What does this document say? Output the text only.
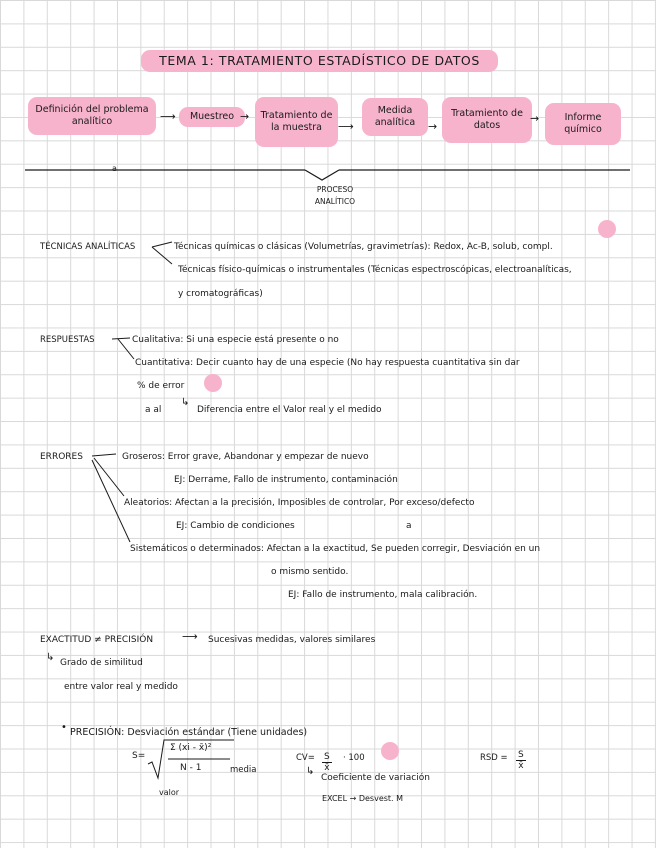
TEMA 1: TRATAMIENTO ESTADÍSTICO DE DATOS
Definición del problema analítico	⟶	Muestreo →	Tratamiento de la muestra	⟶
Medida analítica	→
Tratamiento de datos
→	Informe químico
a
PROCESO ANALÍTICO
TÉCNICAS ANALÍTICAS	Técnicas químicas o clásicas (Volumetrías, gravimetrías): Redox, Ac-B, solub, compl.
Técnicas físico-químicas o instrumentales (Técnicas espectroscópicas, electroanalíticas,
y cromatográficas)
RESPUESTAS	Cualitativa: Si una especie está presente o no
Cuantitativa: Decir cuanto hay de una especie (No hay respuesta cuantitativa sin dar
% de error
a al
↳
Diferencia entre el Valor real y el medido
ERRORES	Groseros: Error grave, Abandonar y empezar de nuevo
EJ: Derrame, Fallo de instrumento, contaminación
Aleatorios: Afectan a la precisión, Imposibles de controlar, Por exceso/defecto
EJ: Cambio de condiciones	a
Sistemáticos o determinados: Afectan a la exactitud, Se pueden corregir, Desviación en un
o mismo sentido.
EJ: Fallo de instrumento, mala calibración.
EXACTITUD ≠ PRECISIÓN	⟶ Sucesivas medidas, valores similares
↳ Grado de similitud
entre valor real y medido
• PRECISIÓN: Desviación estándar (Tiene unidades)
S=
Σ (xi - x̄)²
N - 1	media
valor
$CV= \frac{S}{x̄} \cdot 100$
↳
Coeficiente de variación
EXCEL → Desvest. M
RSD = $\frac{S}{x̄}$
